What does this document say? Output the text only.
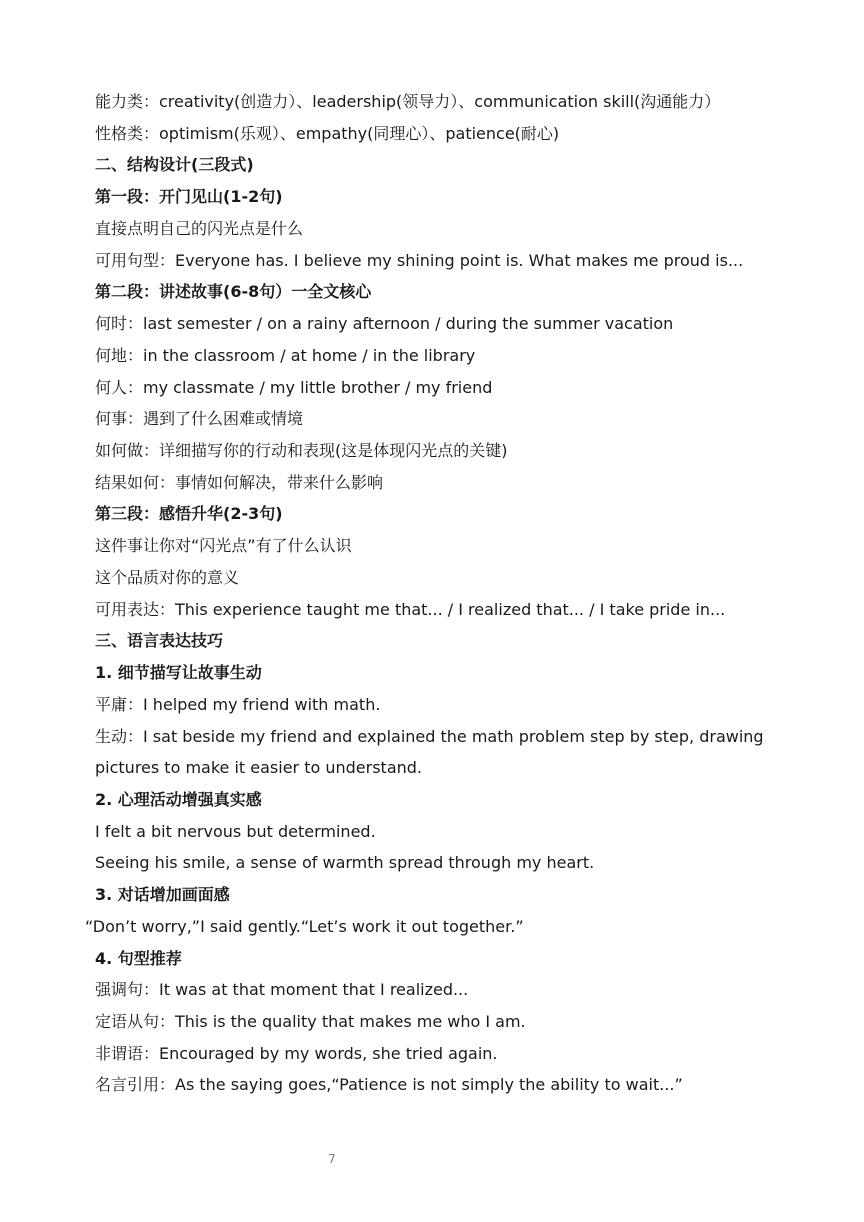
能力类：creativity(创造力）、leadership(领导力）、communication skill(沟通能力）

性格类：optimism(乐观）、empathy(同理心）、patience(耐心)

二、结构设计(三段式)

第一段：开门见山(1-2句)

直接点明自己的闪光点是什么

可用句型：Everyone has. I believe my shining point is. What makes me proud is...

第二段：讲述故事(6-8句）一全文核心

何时：last semester / on a rainy afternoon / during the summer vacation

何地：in the classroom / at home / in the library

何人：my classmate / my little brother / my friend

何事：遇到了什么困难或情境

如何做：详细描写你的行动和表现(这是体现闪光点的关键)

结果如何：事情如何解决，带来什么影响

第三段：感悟升华(2-3句)

这件事让你对“闪光点”有了什么认识

这个品质对你的意义

可用表达：This experience taught me that... / I realized that... / I take pride in...

三、语言表达技巧

1. 细节描写让故事生动

平庸：I helped my friend with math.

生动：I sat beside my friend and explained the math problem step by step, drawing

pictures to make it easier to understand.

2. 心理活动增强真实感

I felt a bit nervous but determined.

Seeing his smile, a sense of warmth spread through my heart.

3. 对话增加画面感

“Don’t worry,”I said gently.“Let’s work it out together.”

4. 句型推荐

强调句：It was at that moment that I realized...

定语从句：This is the quality that makes me who I am.

非谓语：Encouraged by my words, she tried again.

名言引用：As the saying goes,“Patience is not simply the ability to wait...”

7
